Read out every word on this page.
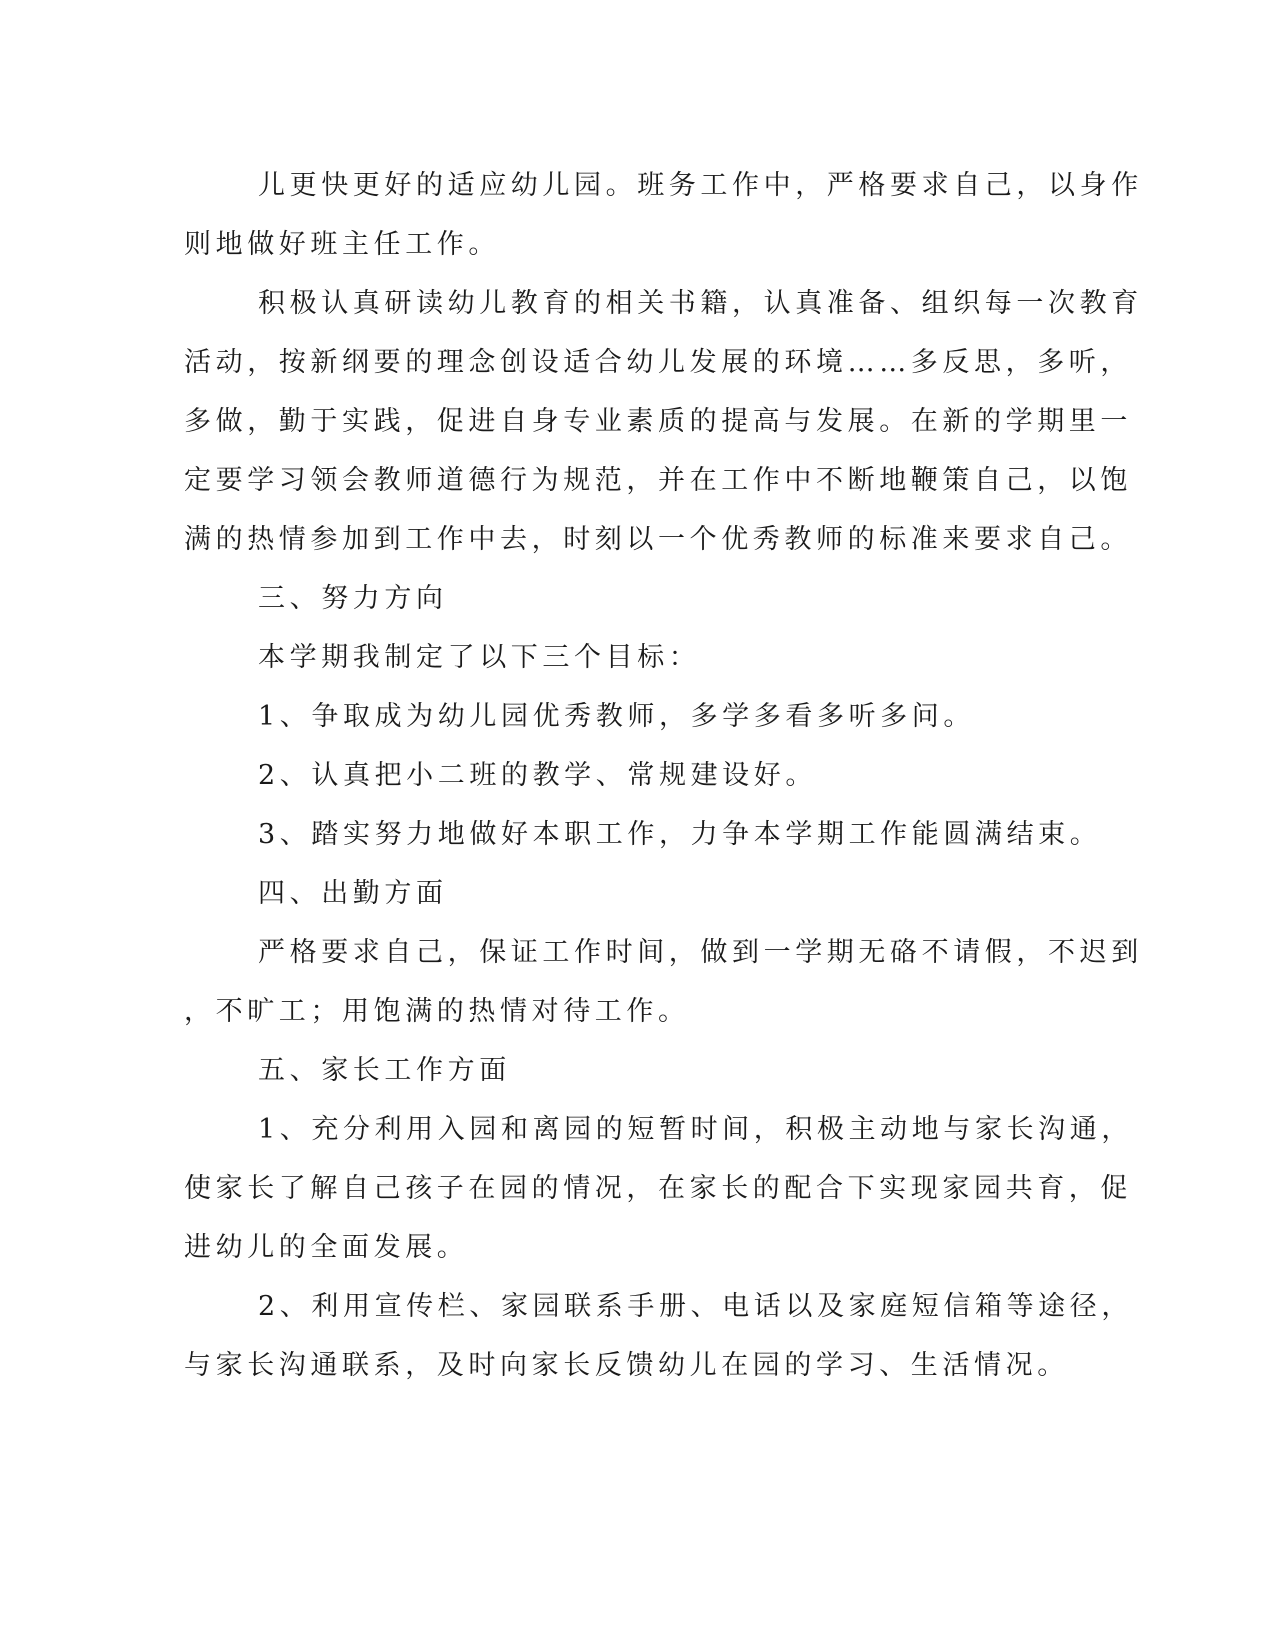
儿更快更好的适应幼儿园。班务工作中，严格要求自己，以身作
则地做好班主任工作。
积极认真研读幼儿教育的相关书籍，认真准备、组织每一次教育
活动，按新纲要的理念创设适合幼儿发展的环境……多反思，多听，
多做，勤于实践，促进自身专业素质的提高与发展。在新的学期里一
定要学习领会教师道德行为规范，并在工作中不断地鞭策自己，以饱
满的热情参加到工作中去，时刻以一个优秀教师的标准来要求自己。
三、努力方向
本学期我制定了以下三个目标：
1、争取成为幼儿园优秀教师，多学多看多听多问。
2、认真把小二班的教学、常规建设好。
3、踏实努力地做好本职工作，力争本学期工作能圆满结束。
四、出勤方面
严格要求自己，保证工作时间，做到一学期无硌不请假，不迟到
，不旷工；用饱满的热情对待工作。
五、家长工作方面
1、充分利用入园和离园的短暂时间，积极主动地与家长沟通，
使家长了解自己孩子在园的情况，在家长的配合下实现家园共育，促
进幼儿的全面发展。
2、利用宣传栏、家园联系手册、电话以及家庭短信箱等途径，
与家长沟通联系，及时向家长反馈幼儿在园的学习、生活情况。
